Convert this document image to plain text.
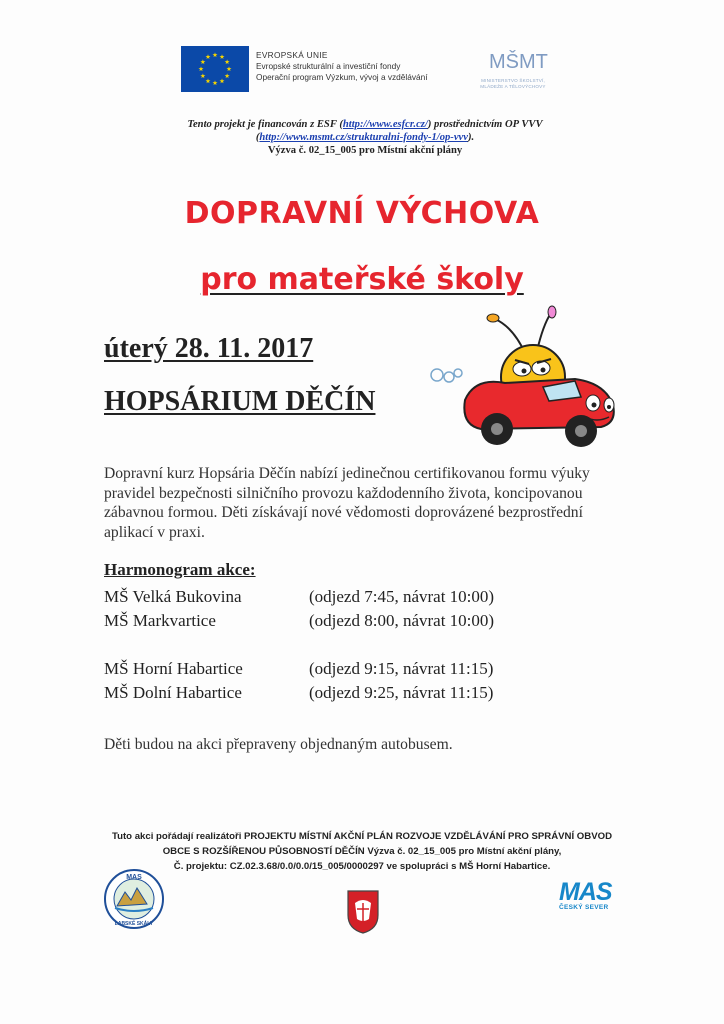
EVROPSKÁ UNIE
Evropské strukturální a investiční fondy
Operační program Výzkum, vývoj a vzdělávání
MŠMT
MINISTERSTVO ŠKOLSTVÍ,
MLÁDEŽE A TĚLOVÝCHOVY
Tento projekt je financován z ESF (http://www.esfcr.cz/) prostřednictvím OP VVV
(http://www.msmt.cz/strukturalni-fondy-1/op-vvv).
Výzva č. 02_15_005 pro Místní akční plány
DOPRAVNÍ VÝCHOVA
pro mateřské školy
úterý 28. 11. 2017
HOPSÁRIUM DĚČÍN
Dopravní kurz Hopsária Děčín nabízí jedinečnou certifikovanou formu výuky pravidel bezpečnosti silničního provozu každodenního života, koncipovanou zábavnou formou. Děti získávají nové vědomosti doprovázené bezprostřední aplikací v praxi.
Harmonogram akce:
MŠ Velká Bukovina	(odjezd 7:45, návrat 10:00)
MŠ Markvartice	(odjezd 8:00, návrat 10:00)
MŠ Horní Habartice	(odjezd 9:15, návrat 11:15)
MŠ Dolní Habartice	(odjezd 9:25, návrat 11:15)
Děti budou na akci přepraveny objednaným autobusem.
Tuto akci pořádají realizátoři PROJEKTU MÍSTNÍ AKČNÍ PLÁN ROZVOJE VZDĚLÁVÁNÍ PRO SPRÁVNÍ OBVOD
OBCE S ROZŠÍŘENOU PŮSOBNOSTÍ DĚČÍN Výzva č. 02_15_005 pro Místní akční plány,
Č. projektu: CZ.02.3.68/0.0/0.0/15_005/0000297 ve spolupráci s MŠ Horní Habartice.
MAS
LABSKÉ SKÁLY
MAS
ČESKÝ SEVER
